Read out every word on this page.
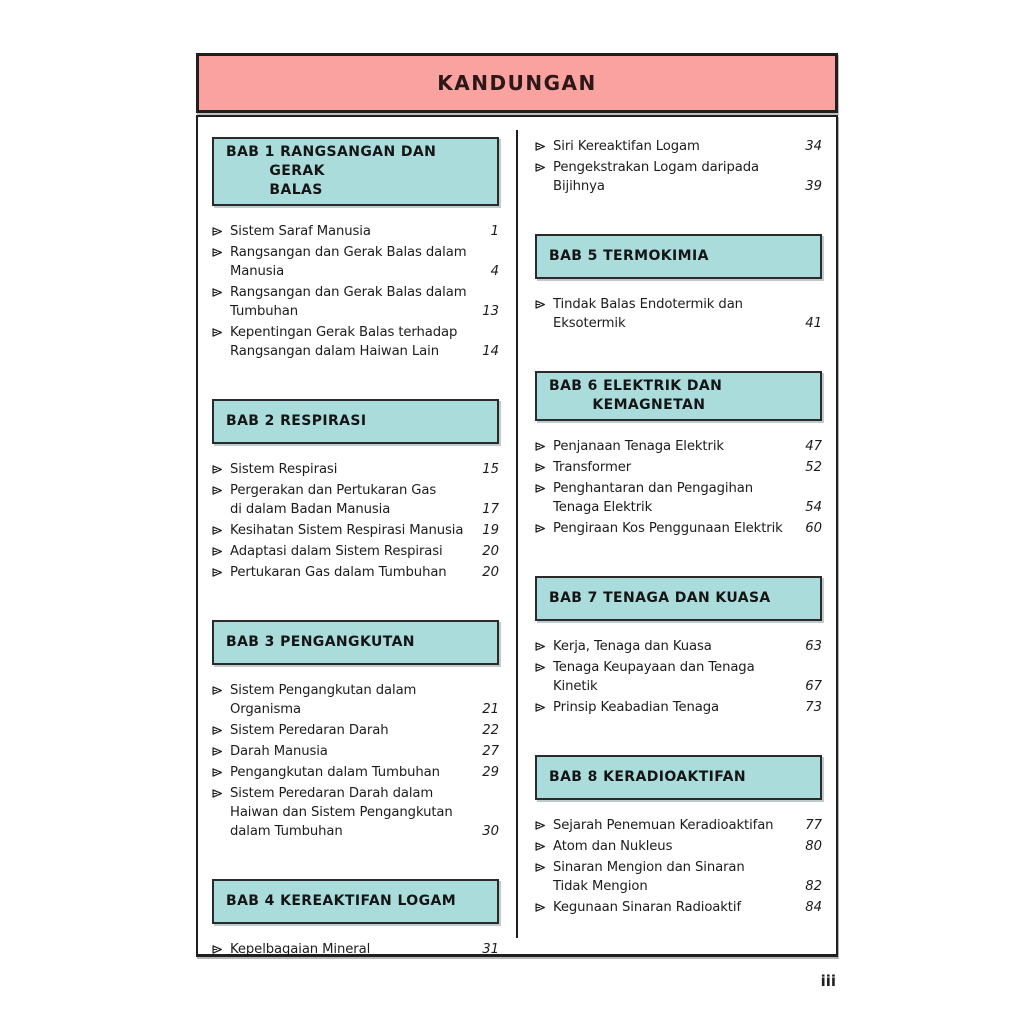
KANDUNGAN
BAB 1 RANGSANGAN DAN GERAK
BALAS
Sistem Saraf Manusia	1
Rangsangan dan Gerak Balas dalam
Manusia	4
Rangsangan dan Gerak Balas dalam
Tumbuhan	13
Kepentingan Gerak Balas terhadap
Rangsangan dalam Haiwan Lain	14
BAB 2 RESPIRASI
Sistem Respirasi	15
Pergerakan dan Pertukaran Gas
di dalam Badan Manusia	17
Kesihatan Sistem Respirasi Manusia	19
Adaptasi dalam Sistem Respirasi	20
Pertukaran Gas dalam Tumbuhan	20
BAB 3 PENGANGKUTAN
Sistem Pengangkutan dalam Organisma	21
Sistem Peredaran Darah	22
Darah Manusia	27
Pengangkutan dalam Tumbuhan	29
Sistem Peredaran Darah dalam
Haiwan dan Sistem Pengangkutan
dalam Tumbuhan	30
BAB 4 KEREAKTIFAN LOGAM
Kepelbagaian Mineral	31
Siri Kereaktifan Logam	34
Pengekstrakan Logam daripada
Bijihnya	39
BAB 5 TERMOKIMIA
Tindak Balas Endotermik dan
Eksotermik	41
BAB 6 ELEKTRIK DAN
KEMAGNETAN
Penjanaan Tenaga Elektrik	47
Transformer	52
Penghantaran dan Pengagihan
Tenaga Elektrik	54
Pengiraan Kos Penggunaan Elektrik	60
BAB 7 TENAGA DAN KUASA
Kerja, Tenaga dan Kuasa	63
Tenaga Keupayaan dan Tenaga Kinetik	67
Prinsip Keabadian Tenaga	73
BAB 8 KERADIOAKTIFAN
Sejarah Penemuan Keradioaktifan	77
Atom dan Nukleus	80
Sinaran Mengion dan Sinaran
Tidak Mengion	82
Kegunaan Sinaran Radioaktif	84
iii
